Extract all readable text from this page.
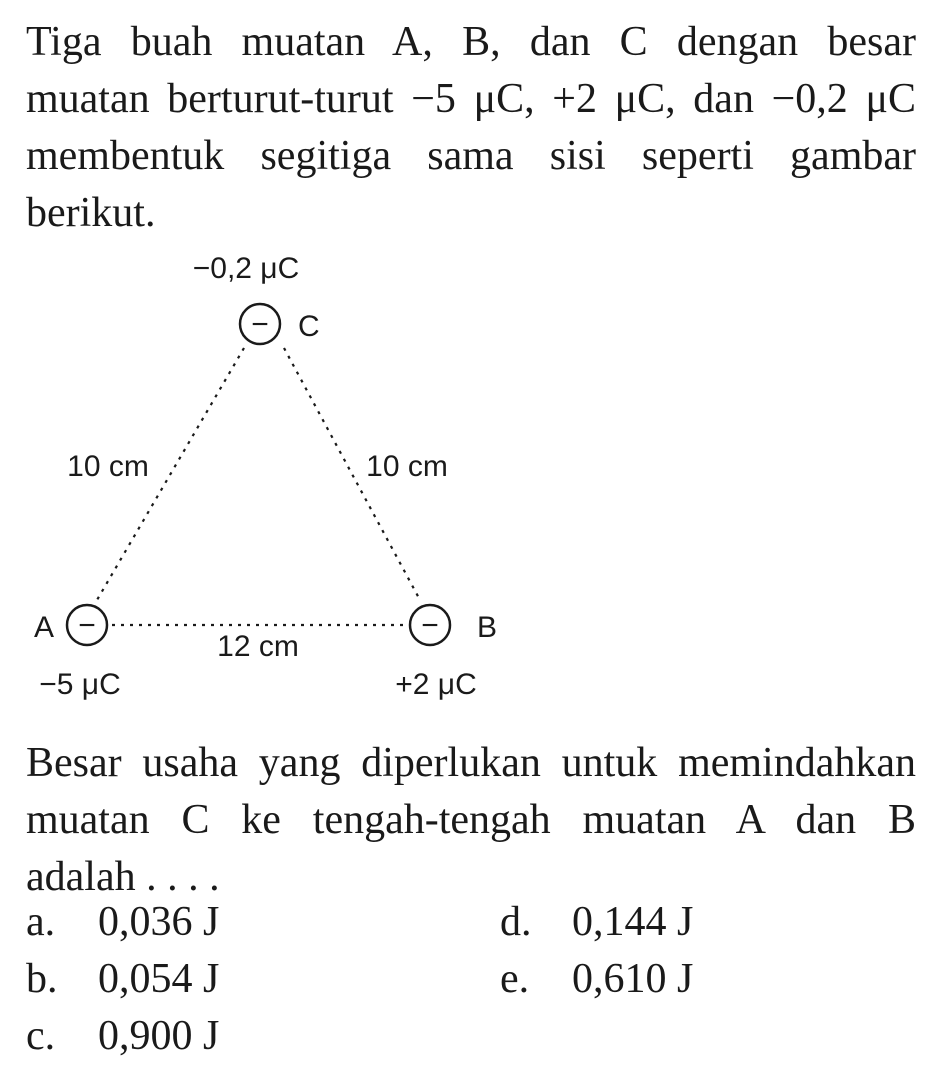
Tiga buah muatan A, B, dan C dengan besar
muatan berturut-turut −5 μC, +2 μC, dan −0,2 μC
membentuk segitiga sama sisi seperti gambar
berikut.
− C
−0,2 μC
−
A
−5 μC
− B
+2 μC
10 cm	10 cm
12 cm
Besar usaha yang diperlukan untuk memindahkan
muatan C ke tengah-tengah muatan A dan B
adalah . . . .
a. 0,036 J
b. 0,054 J
c. 0,900 J
d. 0,144 J
e. 0,610 J
